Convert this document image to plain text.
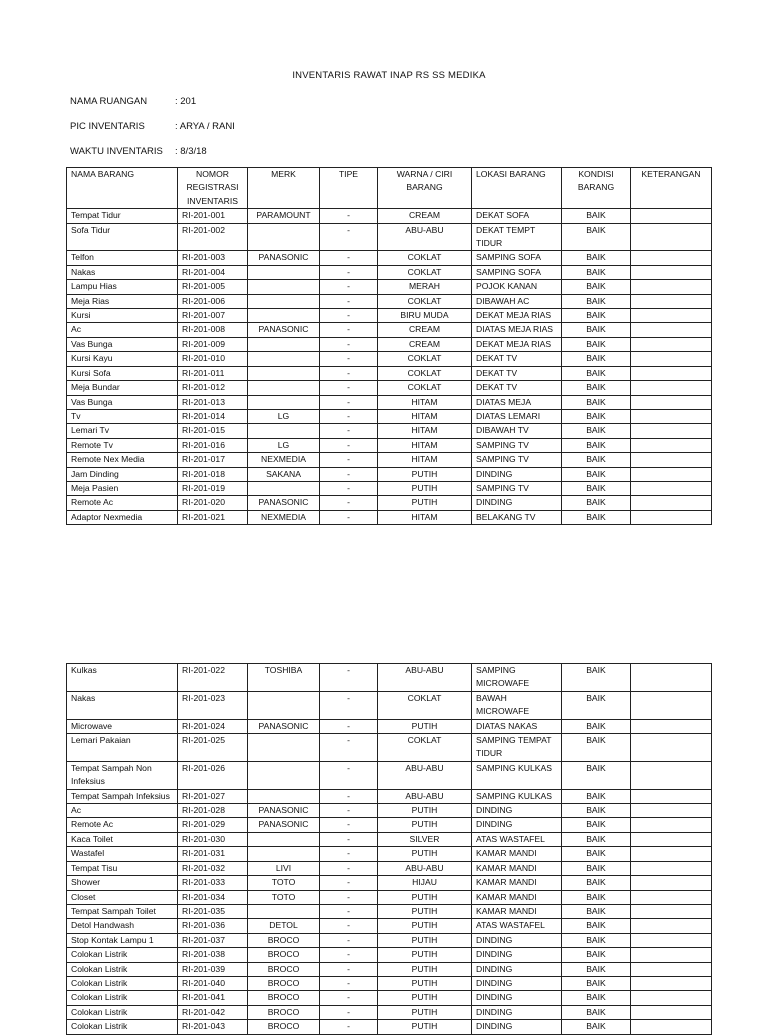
INVENTARIS RAWAT INAP RS SS MEDIKA
NAMA RUANGAN	: 201
PIC INVENTARIS	: ARYA / RANI
WAKTU INVENTARIS : 8/3/18
NAMA BARANG	NOMOR REGISTRASI INVENTARIS	MERK	TIPE	WARNA / CIRI BARANG	LOKASI BARANG	KONDISI BARANG	KETERANGAN
Tempat Tidur	RI-201-001	PARAMOUNT	-	CREAM	DEKAT SOFA	BAIK	
Sofa Tidur	RI-201-002		-	ABU-ABU	DEKAT TEMPT TIDUR	BAIK	
Telfon	RI-201-003	PANASONIC	-	COKLAT	SAMPING SOFA	BAIK	
Nakas	RI-201-004		-	COKLAT	SAMPING SOFA	BAIK	
Lampu Hias	RI-201-005		-	MERAH	POJOK KANAN	BAIK	
Meja Rias	RI-201-006		-	COKLAT	DIBAWAH AC	BAIK	
Kursi	RI-201-007		-	BIRU MUDA	DEKAT MEJA RIAS	BAIK	
Ac	RI-201-008	PANASONIC	-	CREAM	DIATAS MEJA RIAS	BAIK	
Vas Bunga	RI-201-009		-	CREAM	DEKAT MEJA RIAS	BAIK	
Kursi Kayu	RI-201-010		-	COKLAT	DEKAT TV	BAIK	
Kursi Sofa	RI-201-011		-	COKLAT	DEKAT TV	BAIK	
Meja Bundar	RI-201-012		-	COKLAT	DEKAT TV	BAIK	
Vas Bunga	RI-201-013		-	HITAM	DIATAS MEJA	BAIK	
Tv	RI-201-014	LG	-	HITAM	DIATAS LEMARI	BAIK	
Lemari Tv	RI-201-015		-	HITAM	DIBAWAH TV	BAIK	
Remote Tv	RI-201-016	LG	-	HITAM	SAMPING TV	BAIK	
Remote Nex Media	RI-201-017	NEXMEDIA	-	HITAM	SAMPING TV	BAIK	
Jam Dinding	RI-201-018	SAKANA	-	PUTIH	DINDING	BAIK	
Meja Pasien	RI-201-019		-	PUTIH	SAMPING TV	BAIK	
Remote Ac	RI-201-020	PANASONIC	-	PUTIH	DINDING	BAIK	
Adaptor Nexmedia	RI-201-021	NEXMEDIA	-	HITAM	BELAKANG TV	BAIK	
Kulkas	RI-201-022	TOSHIBA	-	ABU-ABU	SAMPING MICROWAFE	BAIK	
Nakas	RI-201-023		-	COKLAT	BAWAH MICROWAFE	BAIK	
Microwave	RI-201-024	PANASONIC	-	PUTIH	DIATAS NAKAS	BAIK	
Lemari Pakaian	RI-201-025		-	COKLAT	SAMPING TEMPAT TIDUR	BAIK	
Tempat Sampah Non Infeksius	RI-201-026		-	ABU-ABU	SAMPING KULKAS	BAIK	
Tempat Sampah Infeksius	RI-201-027		-	ABU-ABU	SAMPING KULKAS	BAIK	
Ac	RI-201-028	PANASONIC	-	PUTIH	DINDING	BAIK	
Remote Ac	RI-201-029	PANASONIC	-	PUTIH	DINDING	BAIK	
Kaca Toilet	RI-201-030		-	SILVER	ATAS WASTAFEL	BAIK	
Wastafel	RI-201-031		-	PUTIH	KAMAR MANDI	BAIK	
Tempat Tisu	RI-201-032	LIVI	-	ABU-ABU	KAMAR MANDI	BAIK	
Shower	RI-201-033	TOTO	-	HIJAU	KAMAR MANDI	BAIK	
Closet	RI-201-034	TOTO	-	PUTIH	KAMAR MANDI	BAIK	
Tempat Sampah Toilet	RI-201-035		-	PUTIH	KAMAR MANDI	BAIK	
Detol Handwash	RI-201-036	DETOL	-	PUTIH	ATAS WASTAFEL	BAIK	
Stop Kontak Lampu 1	RI-201-037	BROCO	-	PUTIH	DINDING	BAIK	
Colokan Listrik	RI-201-038	BROCO	-	PUTIH	DINDING	BAIK	
Colokan Listrik	RI-201-039	BROCO	-	PUTIH	DINDING	BAIK	
Colokan Listrik	RI-201-040	BROCO	-	PUTIH	DINDING	BAIK	
Colokan Listrik	RI-201-041	BROCO	-	PUTIH	DINDING	BAIK	
Colokan Listrik	RI-201-042	BROCO	-	PUTIH	DINDING	BAIK	
Colokan Listrik	RI-201-043	BROCO	-	PUTIH	DINDING	BAIK	
